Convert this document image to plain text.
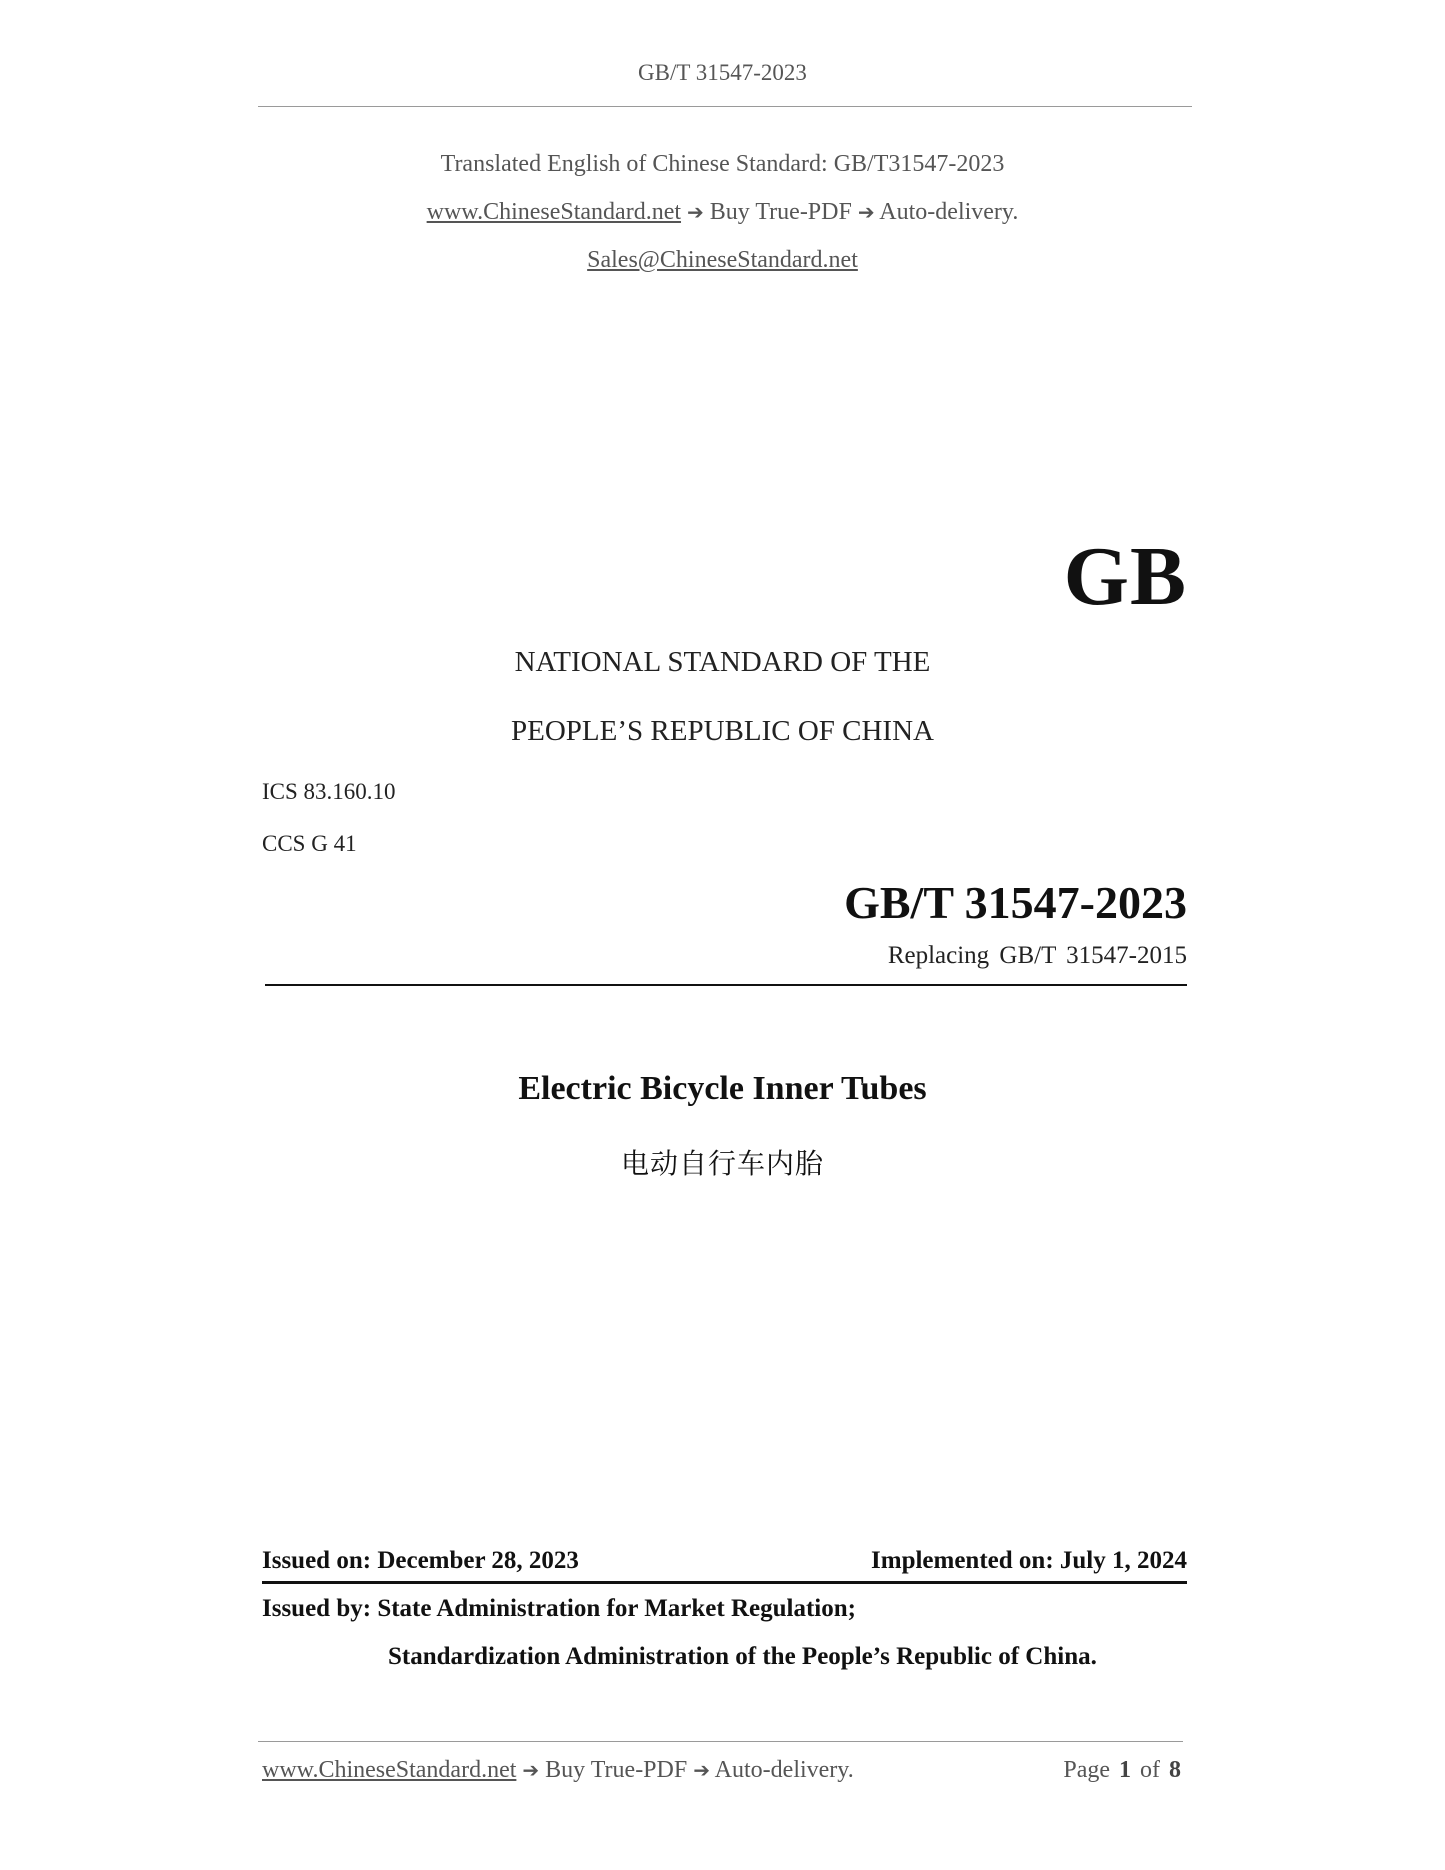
GB/T 31547-2023
Translated English of Chinese Standard: GB/T31547-2023
www.ChineseStandard.net ➔ Buy True-PDF ➔ Auto-delivery.
Sales@ChineseStandard.net
GB
NATIONAL STANDARD OF THE
PEOPLE’S REPUBLIC OF CHINA
ICS 83.160.10
CCS G 41
GB/T 31547-2023
Replacing GB/T 31547-2015
Electric Bicycle Inner Tubes
电动自行车内胎
Issued on: December 28, 2023	Implemented on: July 1, 2024
Issued by: State Administration for Market Regulation;
Standardization Administration of the People’s Republic of China.
www.ChineseStandard.net ➔ Buy True-PDF ➔ Auto-delivery.	Page 1 of 8
